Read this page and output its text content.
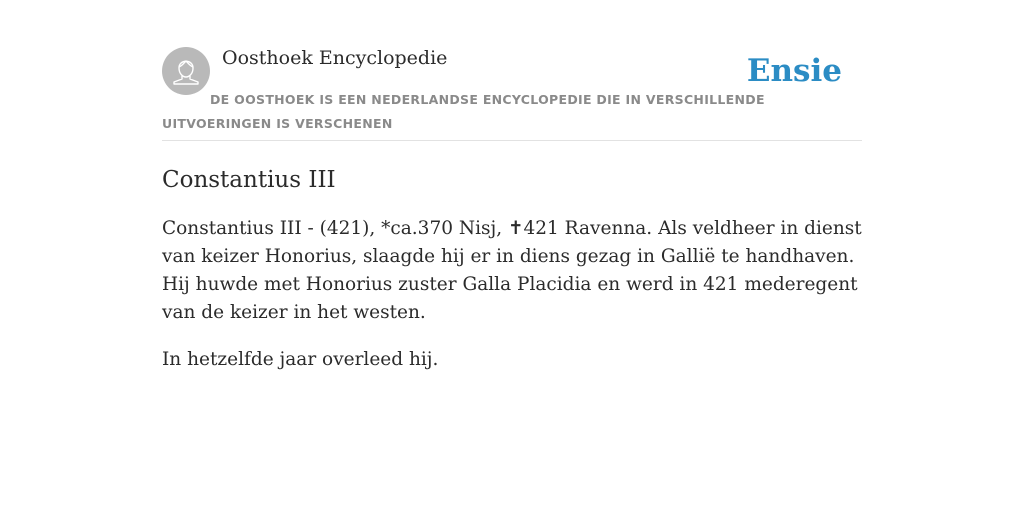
Oosthoek Encyclopedie	Ensie
DE OOSTHOEK IS EEN NEDERLANDSE ENCYCLOPEDIE DIE IN VERSCHILLENDE UITVOERINGEN IS VERSCHENEN
Constantius III

Constantius III - (421), *ca.370 Nisj, ✝421 Ravenna. Als veldheer in dienst van keizer Honorius, slaagde hij er in diens gezag in Gallië te handhaven. Hij huwde met Honorius zuster Galla Placidia en werd in 421 mederegent van de keizer in het westen.

In hetzelfde jaar overleed hij.
